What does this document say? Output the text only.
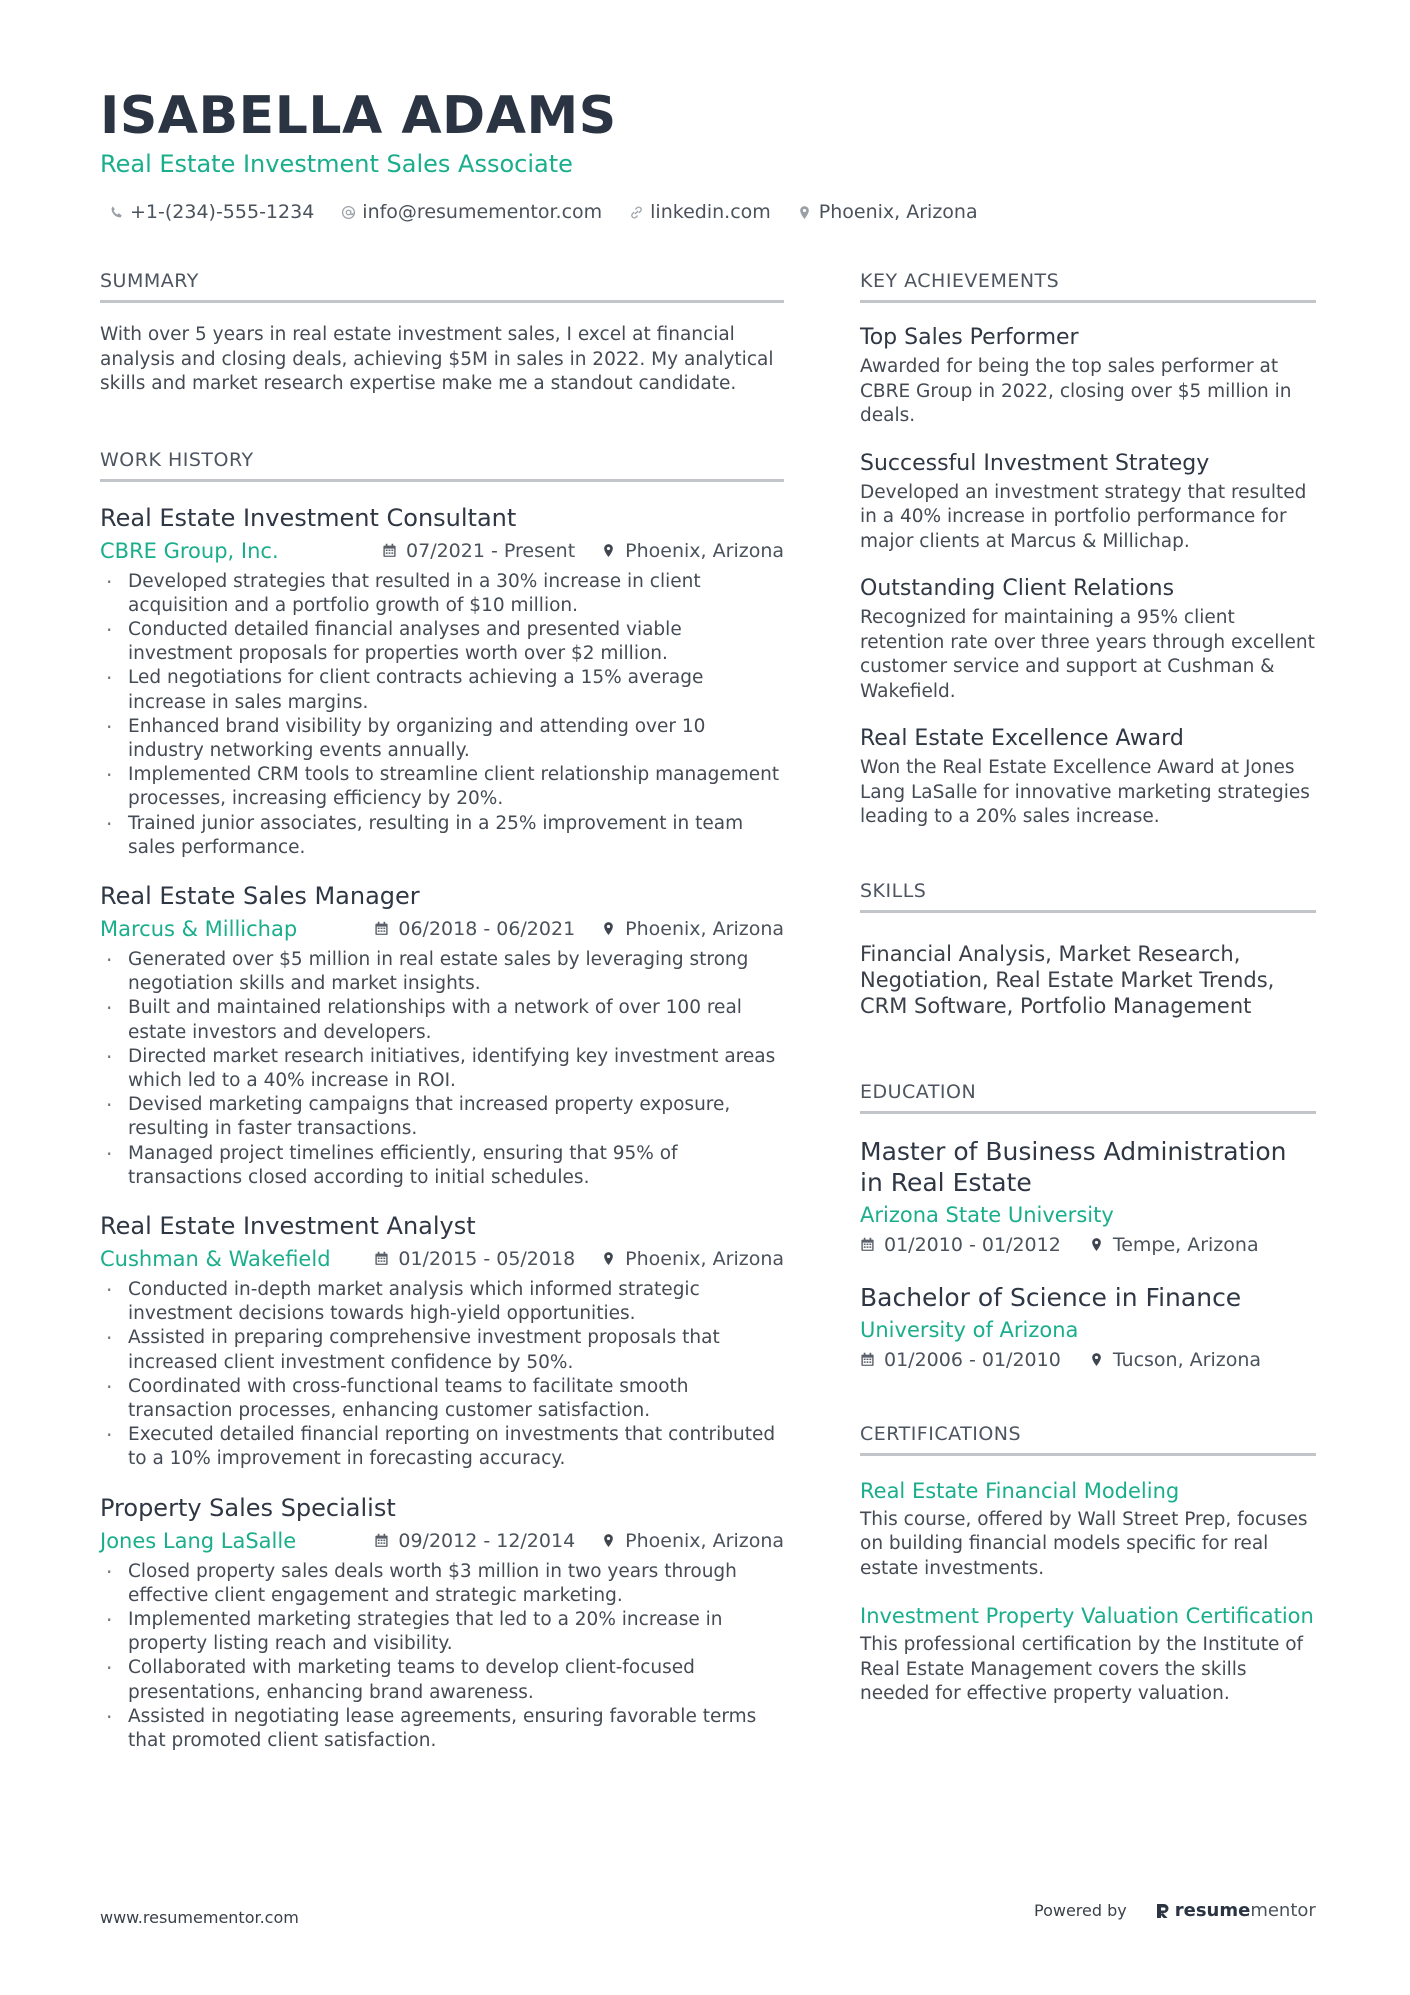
ISABELLA ADAMS
Real Estate Investment Sales Associate
+1-(234)-555-1234	info@resumementor.com	linkedin.com	Phoenix, Arizona
SUMMARY
With over 5 years in real estate investment sales, I excel at financial analysis and closing deals, achieving $5M in sales in 2022. My analytical skills and market research expertise make me a standout candidate.
WORK HISTORY
Real Estate Investment Consultant
CBRE Group, Inc.	07/2021 - Present	Phoenix, Arizona
· Developed strategies that resulted in a 30% increase in client acquisition and a portfolio growth of $10 million.
· Conducted detailed financial analyses and presented viable investment proposals for properties worth over $2 million.
· Led negotiations for client contracts achieving a 15% average increase in sales margins.
· Enhanced brand visibility by organizing and attending over 10 industry networking events annually.
· Implemented CRM tools to streamline client relationship management processes, increasing efficiency by 20%.
· Trained junior associates, resulting in a 25% improvement in team sales performance.
Real Estate Sales Manager
Marcus & Millichap	06/2018 - 06/2021	Phoenix, Arizona
· Generated over $5 million in real estate sales by leveraging strong negotiation skills and market insights.
· Built and maintained relationships with a network of over 100 real estate investors and developers.
· Directed market research initiatives, identifying key investment areas which led to a 40% increase in ROI.
· Devised marketing campaigns that increased property exposure, resulting in faster transactions.
· Managed project timelines efficiently, ensuring that 95% of transactions closed according to initial schedules.
Real Estate Investment Analyst
Cushman & Wakefield	01/2015 - 05/2018	Phoenix, Arizona
· Conducted in-depth market analysis which informed strategic investment decisions towards high-yield opportunities.
· Assisted in preparing comprehensive investment proposals that increased client investment confidence by 50%.
· Coordinated with cross-functional teams to facilitate smooth transaction processes, enhancing customer satisfaction.
· Executed detailed financial reporting on investments that contributed to a 10% improvement in forecasting accuracy.
Property Sales Specialist
Jones Lang LaSalle	09/2012 - 12/2014	Phoenix, Arizona
· Closed property sales deals worth $3 million in two years through effective client engagement and strategic marketing.
· Implemented marketing strategies that led to a 20% increase in property listing reach and visibility.
· Collaborated with marketing teams to develop client-focused presentations, enhancing brand awareness.
· Assisted in negotiating lease agreements, ensuring favorable terms that promoted client satisfaction.
KEY ACHIEVEMENTS
Top Sales Performer
Awarded for being the top sales performer at CBRE Group in 2022, closing over $5 million in deals.
Successful Investment Strategy
Developed an investment strategy that resulted in a 40% increase in portfolio performance for major clients at Marcus & Millichap.
Outstanding Client Relations
Recognized for maintaining a 95% client retention rate over three years through excellent customer service and support at Cushman & Wakefield.
Real Estate Excellence Award
Won the Real Estate Excellence Award at Jones Lang LaSalle for innovative marketing strategies leading to a 20% sales increase.
SKILLS
Financial Analysis, Market Research, Negotiation, Real Estate Market Trends, CRM Software, Portfolio Management
EDUCATION
Master of Business Administration in Real Estate
Arizona State University
01/2010 - 01/2012	Tempe, Arizona
Bachelor of Science in Finance
University of Arizona
01/2006 - 01/2010	Tucson, Arizona
CERTIFICATIONS
Real Estate Financial Modeling
This course, offered by Wall Street Prep, focuses on building financial models specific for real estate investments.
Investment Property Valuation Certification
This professional certification by the Institute of Real Estate Management covers the skills needed for effective property valuation.
www.resumementor.com	Powered by	resume mentor
